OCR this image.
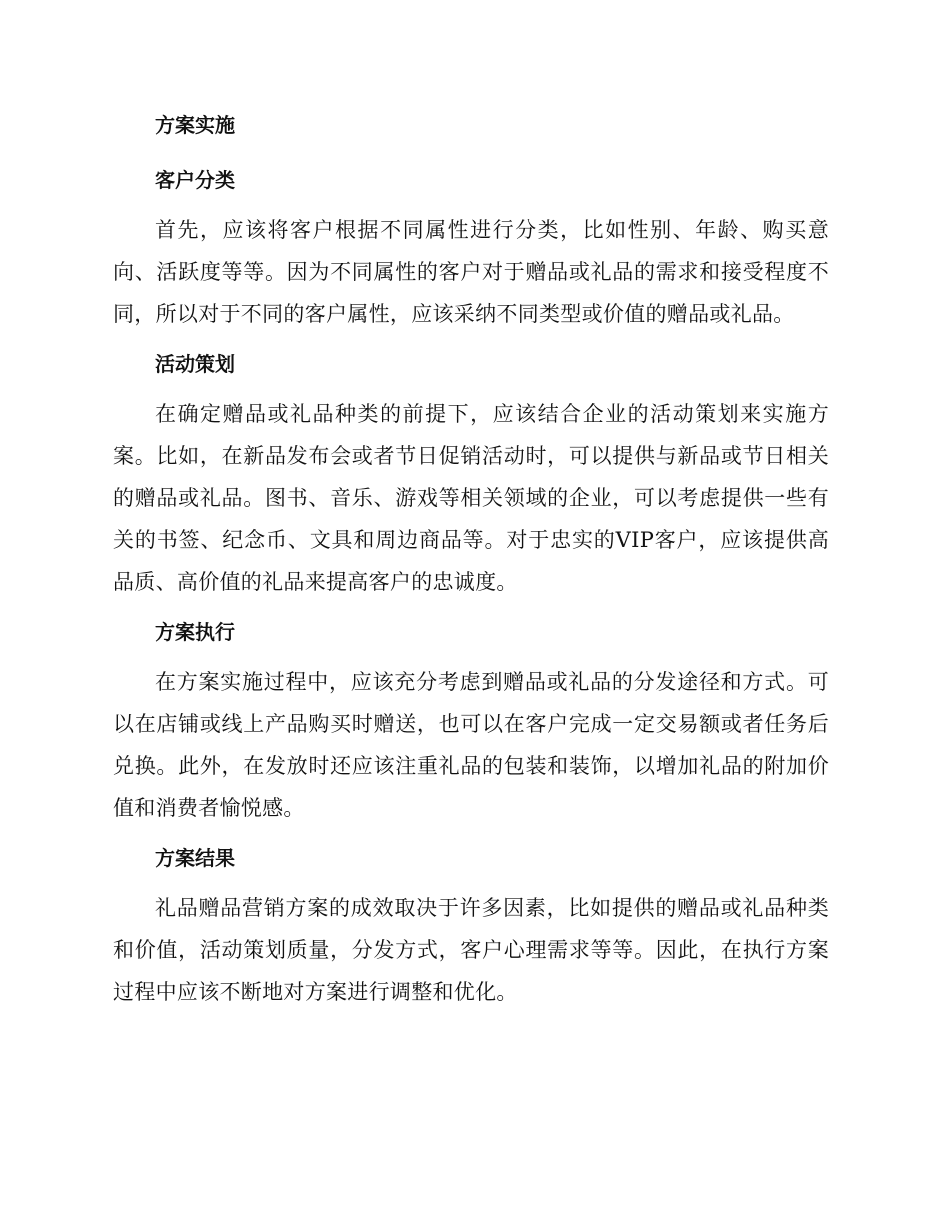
方案实施
客户分类

首先，应该将客户根据不同属性进行分类，比如性别、年龄、购买意向、活跃度等等。因为不同属性的客户对于赠品或礼品的需求和接受程度不同，所以对于不同的客户属性，应该采纳不同类型或价值的赠品或礼品。

活动策划

在确定赠品或礼品种类的前提下，应该结合企业的活动策划来实施方案。比如，在新品发布会或者节日促销活动时，可以提供与新品或节日相关的赠品或礼品。图书、音乐、游戏等相关领域的企业，可以考虑提供一些有关的书签、纪念币、文具和周边商品等。对于忠实的VIP客户，应该提供高品质、高价值的礼品来提高客户的忠诚度。

方案执行

在方案实施过程中，应该充分考虑到赠品或礼品的分发途径和方式。可以在店铺或线上产品购买时赠送，也可以在客户完成一定交易额或者任务后兑换。此外，在发放时还应该注重礼品的包装和装饰，以增加礼品的附加价值和消费者愉悦感。

方案结果

礼品赠品营销方案的成效取决于许多因素，比如提供的赠品或礼品种类和价值，活动策划质量，分发方式，客户心理需求等等。因此，在执行方案过程中应该不断地对方案进行调整和优化。
